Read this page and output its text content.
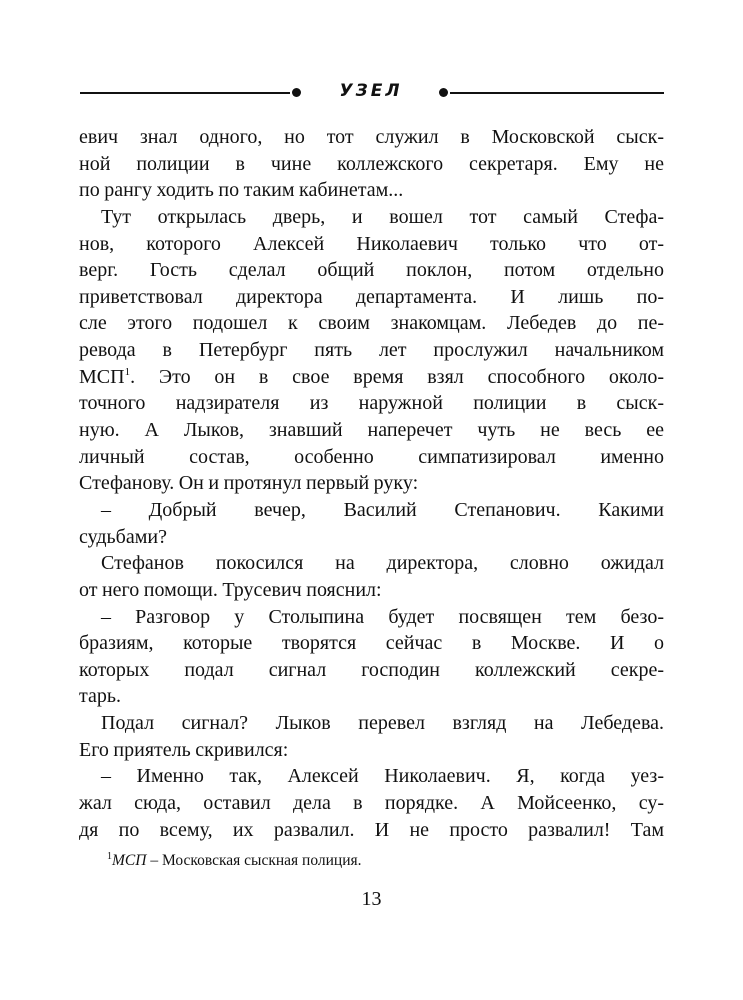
УЗЕЛ
евич знал одного, но тот служил в Московской сыск-
ной полиции в чине коллежского секретаря. Ему не
по рангу ходить по таким кабинетам...
Тут открылась дверь, и вошел тот самый Стефа-
нов, которого Алексей Николаевич только что от-
верг. Гость сделал общий поклон, потом отдельно
приветствовал директора департамента. И лишь по-
сле этого подошел к своим знакомцам. Лебедев до пе-
ревода в Петербург пять лет прослужил начальником
МСП$^1$. Это он в свое время взял способного около-
точного надзирателя из наружной полиции в сыск-
ную. А Лыков, знавший наперечет чуть не весь ее
личный состав, особенно симпатизировал именно
Стефанову. Он и протянул первый руку:
– Добрый вечер, Василий Степанович. Какими
судьбами?
Стефанов покосился на директора, словно ожидал
от него помощи. Трусевич пояснил:
– Разговор у Столыпина будет посвящен тем безо-
бразиям, которые творятся сейчас в Москве. И о
которых подал сигнал господин коллежский секре-
тарь.
Подал сигнал? Лыков перевел взгляд на Лебедева.
Его приятель скривился:
– Именно так, Алексей Николаевич. Я, когда уез-
жал сюда, оставил дела в порядке. А Мойсеенко, су-
дя по всему, их развалил. И не просто развалил! Там
$^1$МСП – Московская сыскная полиция.
13
